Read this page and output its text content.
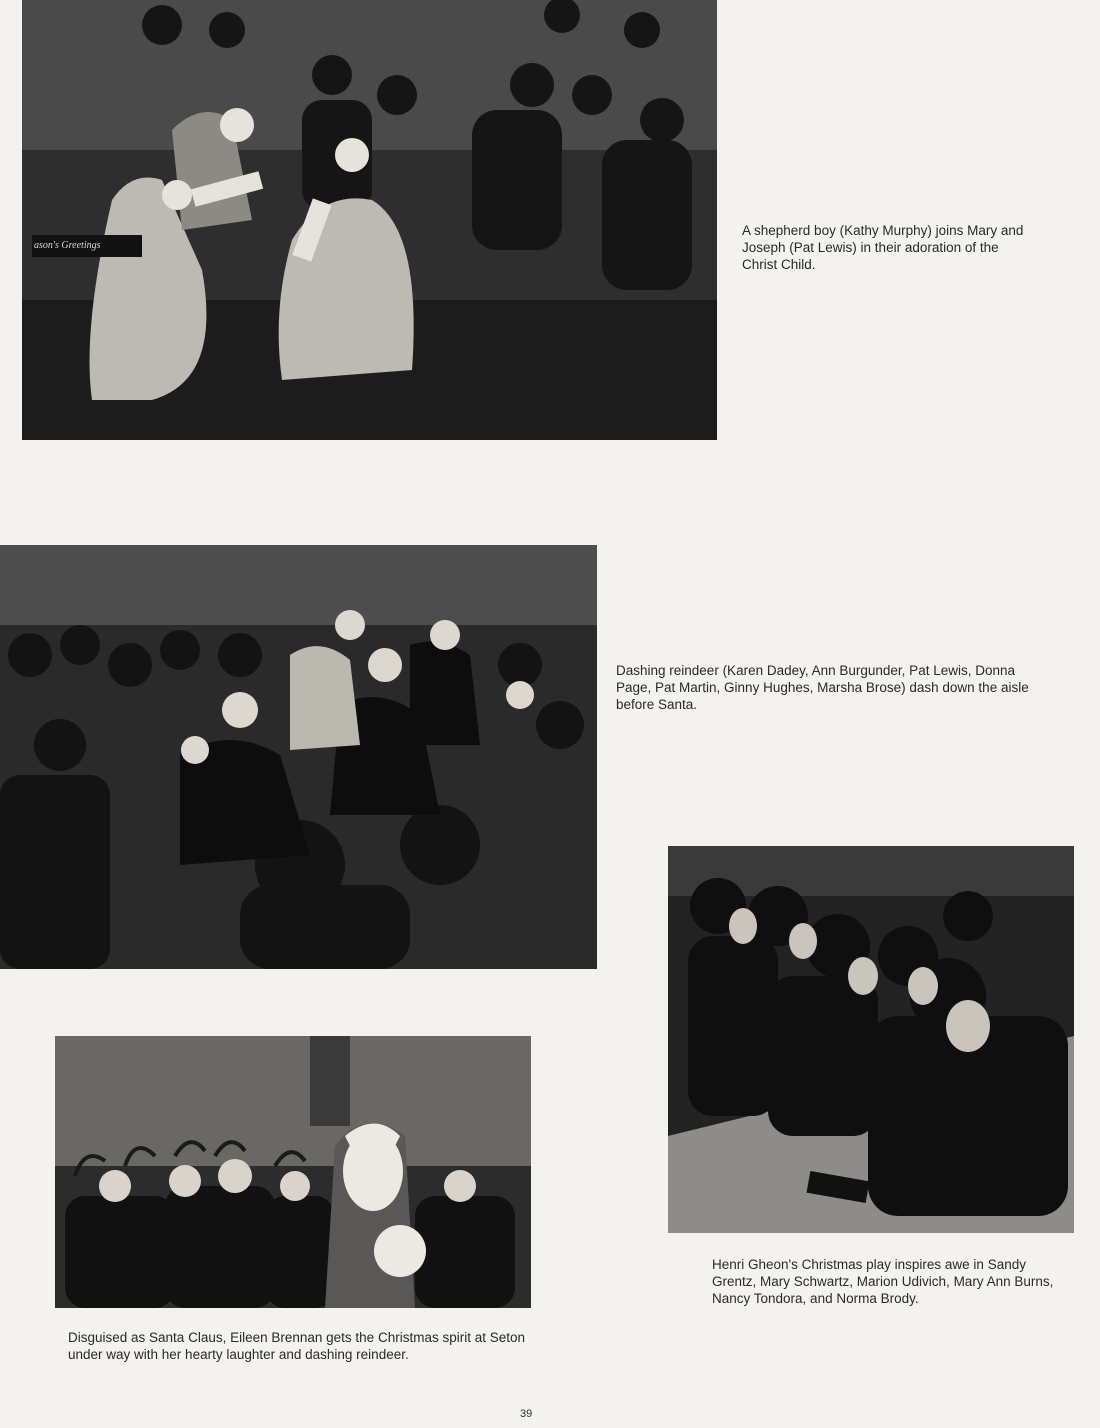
ason's Greetings

A shepherd boy (Kathy Murphy) joins Mary and Joseph (Pat Lewis) in their adoration of the Christ Child.

Dashing reindeer (Karen Dadey, Ann Burgunder, Pat Lewis, Donna Page, Pat Martin, Ginny Hughes, Marsha Brose) dash down the aisle before Santa.

Henri Gheon's Christmas play inspires awe in Sandy Grentz, Mary Schwartz, Marion Udivich, Mary Ann Burns, Nancy Tondora, and Norma Brody.

Disguised as Santa Claus, Eileen Brennan gets the Christmas spirit at Seton under way with her hearty laughter and dashing reindeer.

39
